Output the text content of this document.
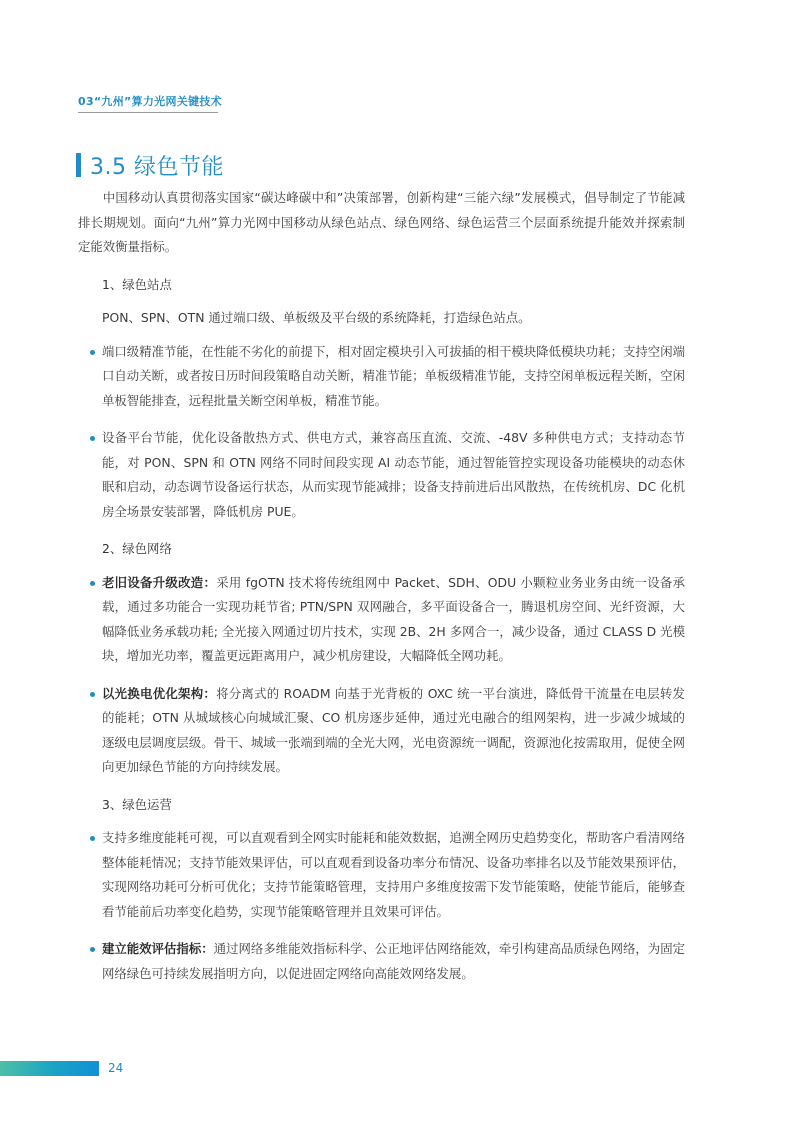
03“九州”算力光网关键技术
3.5 绿色节能

中国移动认真贯彻落实国家“碳达峰碳中和”决策部署，创新构建“三能六绿”发展模式，倡导制定了节能减排长期规划。面向“九州”算力光网中国移动从绿色站点、绿色网络、绿色运营三个层面系统提升能效并探索制定能效衡量指标。

1、绿色站点
PON、SPN、OTN 通过端口级、单板级及平台级的系统降耗，打造绿色站点。
端口级精准节能，在性能不劣化的前提下，相对固定模块引入可拔插的相干模块降低模块功耗；支持空闲端口自动关断，或者按日历时间段策略自动关断，精准节能；单板级精准节能，支持空闲单板远程关断，空闲单板智能排查，远程批量关断空闲单板，精准节能。
设备平台节能，优化设备散热方式、供电方式，兼容高压直流、交流、-48V 多种供电方式；支持动态节能，对 PON、SPN 和 OTN 网络不同时间段实现 AI 动态节能，通过智能管控实现设备功能模块的动态休眠和启动，动态调节设备运行状态，从而实现节能减排；设备支持前进后出风散热，在传统机房、DC 化机房全场景安装部署，降低机房 PUE。
2、绿色网络
老旧设备升级改造：采用 fgOTN 技术将传统组网中 Packet、SDH、ODU 小颗粒业务业务由统一设备承载，通过多功能合一实现功耗节省; PTN/SPN 双网融合，多平面设备合一，腾退机房空间、光纤资源，大幅降低业务承载功耗; 全光接入网通过切片技术，实现 2B、2H 多网合一，减少设备，通过 CLASS D 光模块，增加光功率，覆盖更远距离用户，减少机房建设，大幅降低全网功耗。
以光换电优化架构：将分离式的 ROADM 向基于光背板的 OXC 统一平台演进，降低骨干流量在电层转发的能耗；OTN 从城域核心向城域汇聚、CO 机房逐步延伸，通过光电融合的组网架构，进一步减少城域的逐级电层调度层级。骨干、城域一张端到端的全光大网，光电资源统一调配，资源池化按需取用，促使全网向更加绿色节能的方向持续发展。
3、绿色运营
支持多维度能耗可视，可以直观看到全网实时能耗和能效数据，追溯全网历史趋势变化，帮助客户看清网络整体能耗情况；支持节能效果评估，可以直观看到设备功率分布情况、设备功率排名以及节能效果预评估，实现网络功耗可分析可优化；支持节能策略管理，支持用户多维度按需下发节能策略，使能节能后，能够查看节能前后功率变化趋势，实现节能策略管理并且效果可评估。
建立能效评估指标：通过网络多维能效指标科学、公正地评估网络能效，牵引构建高品质绿色网络，为固定网络绿色可持续发展指明方向，以促进固定网络向高能效网络发展。
24
